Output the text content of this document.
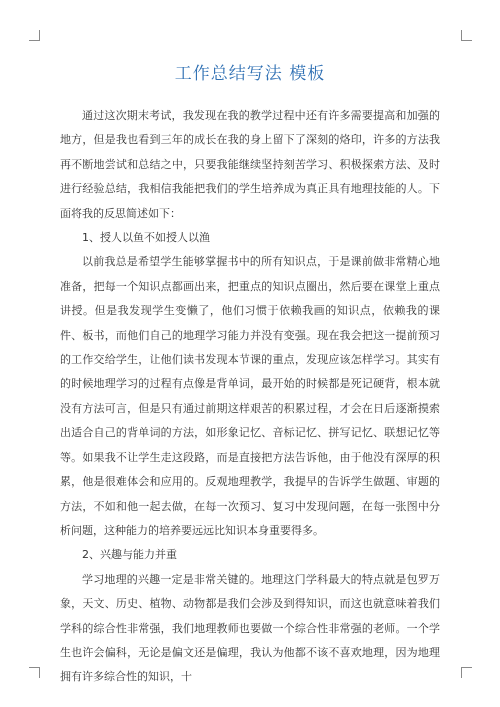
工作总结写法 模板

通过这次期末考试，我发现在我的教学过程中还有许多需要提高和加强的地方，但是我也看到三年的成长在我的身上留下了深刻的烙印，许多的方法我再不断地尝试和总结之中，只要我能继续坚持刻苦学习、积极探索方法、及时进行经验总结，我相信我能把我们的学生培养成为真正具有地理技能的人。下面将我的反思简述如下：

1、授人以鱼不如授人以渔

以前我总是希望学生能够掌握书中的所有知识点，于是课前做非常精心地准备，把每一个知识点都画出来，把重点的知识点圈出，然后要在课堂上重点讲授。但是我发现学生变懒了，他们习惯于依赖我画的知识点，依赖我的课件、板书，而他们自己的地理学习能力并没有变强。现在我会把这一提前预习的工作交给学生，让他们读书发现本节课的重点，发现应该怎样学习。其实有的时候地理学习的过程有点像是背单词，最开始的时候都是死记硬背，根本就没有方法可言，但是只有通过前期这样艰苦的积累过程，才会在日后逐渐摸索出适合自己的背单词的方法，如形象记忆、音标记忆、拼写记忆、联想记忆等等。如果我不让学生走这段路，而是直接把方法告诉他，由于他没有深厚的积累，他是很难体会和应用的。反观地理教学，我提早的告诉学生做题、审题的方法，不如和他一起去做，在每一次预习、复习中发现问题，在每一张图中分析问题，这种能力的培养要远远比知识本身重要得多。

2、兴趣与能力并重

学习地理的兴趣一定是非常关键的。地理这门学科最大的特点就是包罗万象，天文、历史、植物、动物都是我们会涉及到得知识，而这也就意味着我们学科的综合性非常强，我们地理教师也要做一个综合性非常强的老师。一个学生也许会偏科，无论是偏文还是偏理，我认为他都不该不喜欢地理，因为地理拥有许多综合性的知识，十
